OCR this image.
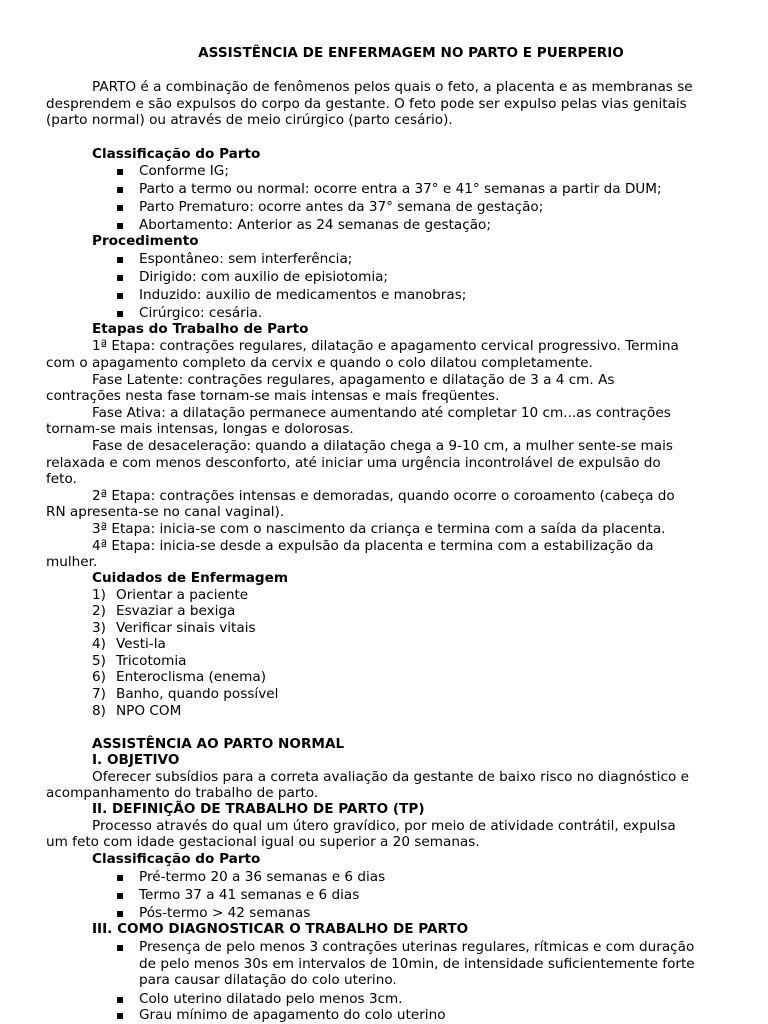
ASSISTÊNCIA DE ENFERMAGEM NO PARTO E PUERPERIO
PARTO é a combinação de fenômenos pelos quais o feto, a placenta e as membranas se
desprendem e são expulsos do corpo da gestante. O feto pode ser expulso pelas vias genitais
(parto normal) ou através de meio cirúrgico (parto cesário).
Classificação do Parto
▪ Conforme IG;
▪ Parto a termo ou normal: ocorre entra a 37° e 41° semanas a partir da DUM;
▪ Parto Prematuro: ocorre antes da 37° semana de gestação;
▪ Abortamento: Anterior as 24 semanas de gestação;
Procedimento
▪ Espontâneo: sem interferência;
▪ Dirigido: com auxilio de episiotomia;
▪ Induzido: auxilio de medicamentos e manobras;
▪ Cirúrgico: cesária.
Etapas do Trabalho de Parto
1ª Etapa: contrações regulares, dilatação e apagamento cervical progressivo. Termina
com o apagamento completo da cervix e quando o colo dilatou completamente.
Fase Latente: contrações regulares, apagamento e dilatação de 3 a 4 cm. As
contrações nesta fase tornam-se mais intensas e mais freqüentes.
Fase Ativa: a dilatação permanece aumentando até completar 10 cm...as contrações
tornam-se mais intensas, longas e dolorosas.
Fase de desaceleração: quando a dilatação chega a 9-10 cm, a mulher sente-se mais
relaxada e com menos desconforto, até iniciar uma urgência incontrolável de expulsão do
feto.
2ª Etapa: contrações intensas e demoradas, quando ocorre o coroamento (cabeça do
RN apresenta-se no canal vaginal).
3ª Etapa: inicia-se com o nascimento da criança e termina com a saída da placenta.
4ª Etapa: inicia-se desde a expulsão da placenta e termina com a estabilização da
mulher.
Cuidados de Enfermagem
1) Orientar a paciente
2) Esvaziar a bexiga
3) Verificar sinais vitais
4) Vesti-la
5) Tricotomia
6) Enteroclisma (enema)
7) Banho, quando possível
8) NPO COM
ASSISTÊNCIA AO PARTO NORMAL
I. OBJETIVO
Oferecer subsídios para a correta avaliação da gestante de baixo risco no diagnóstico e
acompanhamento do trabalho de parto.
II. DEFINIÇÃO DE TRABALHO DE PARTO (TP)
Processo através do qual um útero gravídico, por meio de atividade contrátil, expulsa
um feto com idade gestacional igual ou superior a 20 semanas.
Classificação do Parto
▪ Pré-termo 20 a 36 semanas e 6 dias
▪ Termo 37 a 41 semanas e 6 dias
▪ Pós-termo > 42 semanas
III. COMO DIAGNOSTICAR O TRABALHO DE PARTO
▪ Presença de pelo menos 3 contrações uterinas regulares, rítmicas e com duração
de pelo menos 30s em intervalos de 10min, de intensidade suficientemente forte
para causar dilatação do colo uterino.
▪ Colo uterino dilatado pelo menos 3cm.
▪ Grau mínimo de apagamento do colo uterino
